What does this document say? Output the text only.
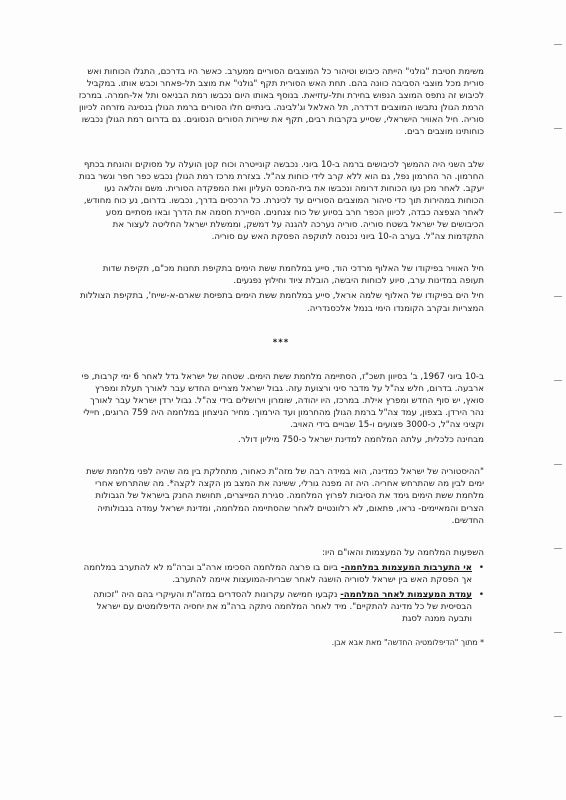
משימת חטיבת "גולני" הייתה כיבוש וטיהור כל המוצבים הסוריים ממערב. כאשר היו בדרכם, התגלו הכוחות ואש סורית מכל מוצבי הסביבה כוונה בהם. תחת האש הסורית תקף "גולני" את מוצב תל-פאחר וכבש אותו. במקביל לכיבוש זה נתפס המוצב הנפוש בחירת ותל-עזזיאת. בנוסף באותו היום נכבשו רמת הבניאס ותל אל-חמרה. במרכז הרמת הגולן נתבשו המוצבים דרדרה, תל האלאל וג'לבינה. בינתיים חלו הסורים ברמת הגולן בנסיגה מזרחה לכיוון סוריה. חיל האוויר הישראלי, שסייע בקרבות רבים, תקף את שיירות הסורים הנסוגים. גם בדרום רמת הגולן נכבשו כוחותינו מוצבים רבים.

שלב השני היה ההמשך לכיבושים ברמה ב-10 ביוני. נכבשה קונייטרה וכוח קטן הועלה על מסוקים והונחת בכתף החרמון. הר החרמון נפל, גם הוא ללא קרב לידי כוחות צה"ל. בצזרת מרכז רמת הגולן נכבש כפר חפר וגשר בנות יעקב. לאחר מכן נעו הכוחות דרומה ונכבשו את בית-המכס העליון ואת המפקדה הסורית. משם והלאה נעו הכוחות במהירות תוך כדי סיהור המוצבים הסוריים עד לכינרת. כל הרכסים בדרך, נכבשו. בדרום, נע כוח מחודש, לאחר הצפצה כבדה, לכיוון הכפר חרב בסיוע של כוח צנחנים. הסיירת חסמה את הדרך ובאו מסתיים מסע הכיבושים של ישראל בשטח סוריה. סוריה נערכה להגנה על דמשק, וממשלת ישראל החליטה לעצור את התקדמות צה"ל. בערב ה-10 ביוני נכנסה לתוקפה הפסקת האש עם סוריה.

חיל האוויר בפיקודו של האלוף מרדכי הוד, סייע במלחמת ששת הימים בתקיפת תחנות מכ"ם, תקיפת שדות תעופה במדינות ערב, סיוע לכוחות היבשה, הובלת ציוד וחילוץ נפגעים.

חיל הים בפיקודו של האלוף שלמה אראל, סייע במלחמת ששת הימים בתפיסת שארם-א-שייח', בתקיפת הצוללות המצריות ובקרב הקומנדו הימי בנמל אלכסנדריה.

***

ב-10 ביוני 1967, ב' בסיוון תשכ"ז, הסתיימה מלחמת ששת הימים. שטחה של ישראל גדל לאחר 6 ימי קרבות, פי ארבעה. בדרום, חלש צה"ל על מדבר סיני ורצועת עזה. גבול ישראל מצריים החדש עבר לאורך תעלת ומפרץ סואץ, יש סוף החדש ומפרץ אילת. במרכז, היו יהודה, שומרון וירושלים בידי צה"ל. גבול ירדן ישראל עבר לאורך נהר הירדן. בצפון, עמד צה"ל ברמת הגולן מהחרמון ועד הירמוך. מחיר הניצחון במלחמה היה 759 הרוגים, חיילי וקציני צה"ל, כ-3000 פצועים ו-15 שבויים בידי האויב.

מבחינה כלכלית, עלתה המלחמה למדינת ישראל כ-750 מיליון דולר.

"ההיסטוריה של ישראל כמדינה, הוא במידה רבה של מזה"ת כאחור, מתחלקת בין מה שהיה לפני מלחמת ששת ימים לבין מה שהתרחש אחריה. היה זה מפנה גורלי, ששינה את המצב מן הקצה לקצה*. מה שהתרחש אחרי מלחמת ששת הימים גימד את הסיבות לפרוץ המלחמה. סגירת המייצרים, תחושת החנק בישראל של הגבולות הצרים והמאיימים- נראו, פתאום, לא רלוונטיים לאחר שהסתיימה המלחמה, ומדינת ישראל עמדה בגבולותיה החדשים.

השפעות המלחמה על המעצמות והאו"ם היו:

•
אי התערבות המעצמות במלחמה- ביום בו פרצה המלחמה הסכימו ארה"ב וברה"מ לא להתערב במלחמה אך הפסקת האש בין ישראל לסוריה הושגה לאחר שברית-המועצות איימה להתערב.
•
עמדת המעצמות לאחר המלחמה- נקבעו חמישה עקרונות להסדרים במזה"ת והעיקרי בהם היה "זכותה הבסיסית של כל מדינה להתקיים". מיד לאחר המלחמה ניתקה ברה"מ את יחסיה הדיפלומטים עם ישראל ותבעה ממנה לסגת

* מתוך "הדיפלומטיה החדשה" מאת אבא אבן.
